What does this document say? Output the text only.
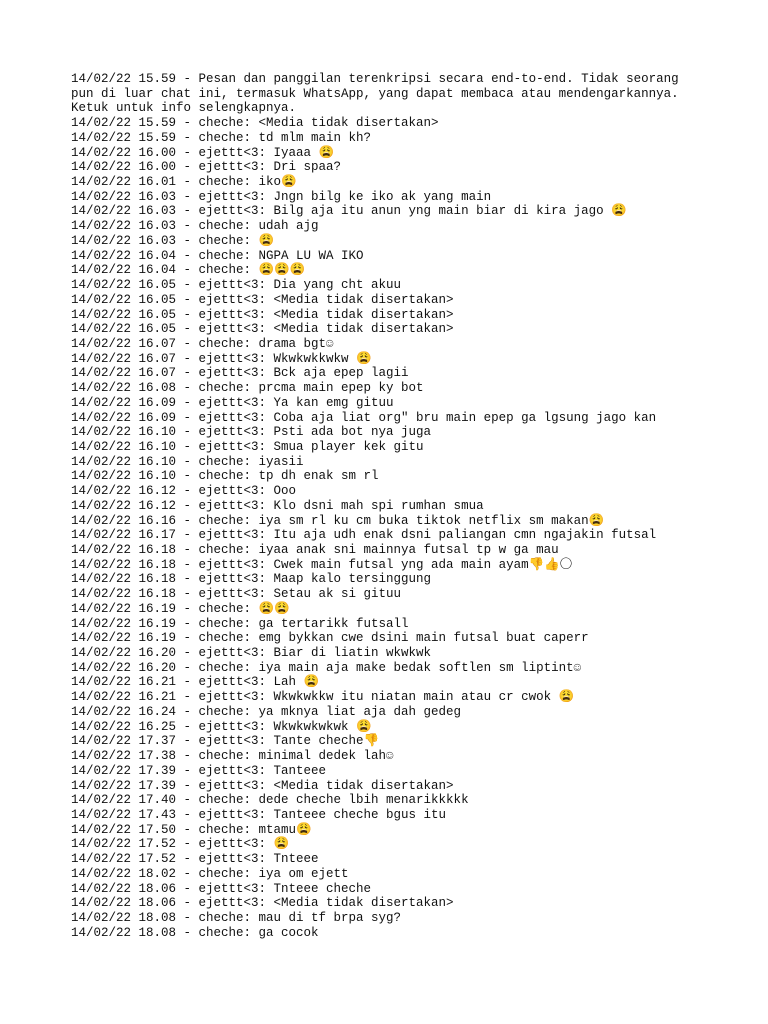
14/02/22 15.59 - Pesan dan panggilan terenkripsi secara end-to-end. Tidak seorang
pun di luar chat ini, termasuk WhatsApp, yang dapat membaca atau mendengarkannya.
Ketuk untuk info selengkapnya.
14/02/22 15.59 - cheche: <Media tidak disertakan>
14/02/22 15.59 - cheche: td mlm main kh?
14/02/22 16.00 - ejettt<3: Iyaaa 😩
14/02/22 16.00 - ejettt<3: Dri spaa?
14/02/22 16.01 - cheche: iko😩
14/02/22 16.03 - ejettt<3: Jngn bilg ke iko ak yang main
14/02/22 16.03 - ejettt<3: Bilg aja itu anun yng main biar di kira jago 😩
14/02/22 16.03 - cheche: udah ajg
14/02/22 16.03 - cheche: 😩
14/02/22 16.04 - cheche: NGPA LU WA IKO
14/02/22 16.04 - cheche: 😩😩😩
14/02/22 16.05 - ejettt<3: Dia yang cht akuu
14/02/22 16.05 - ejettt<3: <Media tidak disertakan>
14/02/22 16.05 - ejettt<3: <Media tidak disertakan>
14/02/22 16.05 - ejettt<3: <Media tidak disertakan>
14/02/22 16.07 - cheche: drama bgt☺
14/02/22 16.07 - ejettt<3: Wkwkwkkwkw 😩
14/02/22 16.07 - ejettt<3: Bck aja epep lagii
14/02/22 16.08 - cheche: prcma main epep ky bot
14/02/22 16.09 - ejettt<3: Ya kan emg gituu
14/02/22 16.09 - ejettt<3: Coba aja liat org" bru main epep ga lgsung jago kan
14/02/22 16.10 - ejettt<3: Psti ada bot nya juga
14/02/22 16.10 - ejettt<3: Smua player kek gitu
14/02/22 16.10 - cheche: iyasii
14/02/22 16.10 - cheche: tp dh enak sm rl
14/02/22 16.12 - ejettt<3: Ooo
14/02/22 16.12 - ejettt<3: Klo dsni mah spi rumhan smua
14/02/22 16.16 - cheche: iya sm rl ku cm buka tiktok netflix sm makan😩
14/02/22 16.17 - ejettt<3: Itu aja udh enak dsni paliangan cmn ngajakin futsal
14/02/22 16.18 - cheche: iyaa anak sni mainnya futsal tp w ga mau
14/02/22 16.18 - ejettt<3: Cwek main futsal yng ada main ayam👎👍〇
14/02/22 16.18 - ejettt<3: Maap kalo tersinggung
14/02/22 16.18 - ejettt<3: Setau ak si gituu
14/02/22 16.19 - cheche: 😩😩
14/02/22 16.19 - cheche: ga tertarikk futsall
14/02/22 16.19 - cheche: emg bykkan cwe dsini main futsal buat caperr
14/02/22 16.20 - ejettt<3: Biar di liatin wkwkwk
14/02/22 16.20 - cheche: iya main aja make bedak softlen sm liptint☺
14/02/22 16.21 - ejettt<3: Lah 😩
14/02/22 16.21 - ejettt<3: Wkwkwkkw itu niatan main atau cr cwok 😩
14/02/22 16.24 - cheche: ya mknya liat aja dah gedeg
14/02/22 16.25 - ejettt<3: Wkwkwkwkwk 😩
14/02/22 17.37 - ejettt<3: Tante cheche👎
14/02/22 17.38 - cheche: minimal dedek lah☺
14/02/22 17.39 - ejettt<3: Tanteee
14/02/22 17.39 - ejettt<3: <Media tidak disertakan>
14/02/22 17.40 - cheche: dede cheche lbih menarikkkkk
14/02/22 17.43 - ejettt<3: Tanteee cheche bgus itu
14/02/22 17.50 - cheche: mtamu😩
14/02/22 17.52 - ejettt<3: 😩
14/02/22 17.52 - ejettt<3: Tnteee
14/02/22 18.02 - cheche: iya om ejett
14/02/22 18.06 - ejettt<3: Tnteee cheche
14/02/22 18.06 - ejettt<3: <Media tidak disertakan>
14/02/22 18.08 - cheche: mau di tf brpa syg?
14/02/22 18.08 - cheche: ga cocok
